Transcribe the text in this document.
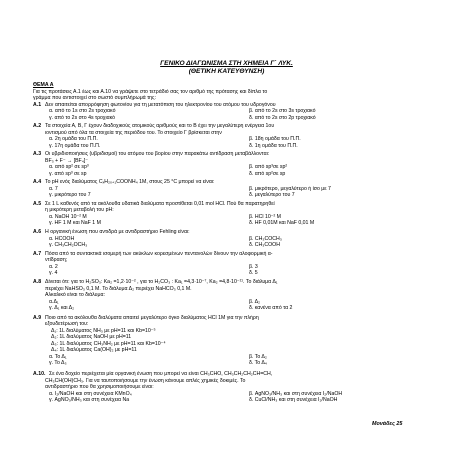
ΓΕΝΙΚΟ ΔΙΑΓΩΝΙΣΜΑ ΣΤΗ ΧΗΜΕΙΑ Γ΄ ΛΥΚ.
(ΘΕΤΙΚΗ ΚΑΤΕΥΘΥΝΣΗ)
ΘΕΜΑ Α
Για τις προτάσεις Α.1 έως και Α.10 να γράψετε στο τετράδιό σας τον αριθμό της πρότασης και δίπλα το
γράμμα που αντιστοιχεί στο σωστό συμπλήρωμά της:
Α.1 Δεν απαιτείται απορρόφηση φωτονίου για τη μετατόπιση του ηλεκτρονίου του ατόμου του υδρογόνου
α. από το 1s στο 2s τροχιακό	β. από το 2s στο 3s τροχιακό
γ. από το 2s στο 4s τροχιακό	δ. από το 2s στο 2p τροχιακό
Α.2 Τα στοιχεία Α, Β, Γ έχουν διαδοχικούς ατομικούς αριθμούς και το Β έχει την μεγαλύτερη ενέργεια 1ου
ιοντισμού από όλα τα στοιχεία της περιόδου του. Το στοιχείο Γ βρίσκεται στην
α. 2η ομάδα του Π.Π.	β. 18η ομάδα του Π.Π.
γ. 17η ομάδα του Π.Π.	δ. 1η ομάδα του Π.Π.
Α.3 Οι υβριδιοποιήσεις (υβριδισμοί) του ατόμου του βορίου στην παρακάτω αντίδραση μεταβάλλονται:
BF₃ + F⁻ → [BF₄]⁻
α. από sp² σε sp³	β. από sp³σε sp²
γ. από sp³ σε sp	δ. από sp²σε sp
Α.4 Το pH ενός διαλύματος CₓH₂ₓ₊₁COONH₄ 1M, στους 25 °C μπορεί να είναι:
α. 7	β. μικρότερο, μεγαλύτερο ή ίσο με 7
γ. μικρότερο του 7	δ. μεγαλύτερο του 7
Α.5 Σε 1 L καθενός από τα ακόλουθα υδατικά διαλύματα προστίθεται 0,01 mol HCl. Πού θα παρατηρηθεί
η μικρότερη μεταβολή του pH:
α. NaOH 10⁻² M	β. HCl 10⁻² M
γ. HF 1 M και NaF 1 M	δ. HF 0,01M και NaF 0,01 M
Α.6 Η οργανική ένωση που αντιδρά με αντιδραστήριο Fehling είναι:
α. HCOOH	β. CH₃COCH₃
γ. CH₃CH₂OCH₃	δ. CH₃COOH
Α.7 Πόσα από τα συντακτικά ισομερή των ακύκλων κορεσμένων πεντανολών δίνουν την αλοφορμική α-
ντίδραση;
α. 2	β. 3
γ. 4	δ. 5
Α.8 Δίνεται ότι: για το H₂SO₃: Ka₂ =1,2·10⁻² , για το H₂CO₃ : Ka₁ =4,3·10⁻⁷, Ka₂ =4,8·10⁻¹¹. Το διάλυμα Δ₁
περιέχει NaHSO₃ 0,1 M. Το διάλυμα Δ₂ περιέχει NaHCO₃ 0,1 M.
Αλκαλικό είναι το διάλυμα:
α.Δ₁	β. Δ₂
γ. Δ₁ και Δ₂	δ. κανένα από τα 2
Α.9 Ποιο από τα ακόλουθα διαλύματα απαιτεί μεγαλύτερο όγκο διαλύματος HCl 1M για την πλήρη
εξουδετέρωσή του:
Δ₁: 1L διαλύματος NH₃ με pH=11 και Kb=10⁻⁵
Δ₂: 1L διαλύματος NaOH με pH=11
Δ₃: 1L διαλύματος CH₃NH₂ με pH=11 και Kb=10⁻⁴
Δ₄: 1L διαλύματος Ca(OH)₂ με pH=11
α. Το Δ₁	β. Το Δ₂
γ. Το Δ₃	δ. Το Δ₄
Α.10. Σε ένα δοχείο περιέχεται μία οργανική ένωση που μπορεί να είναι CH₃CHO, CH₃CH₂CH₂CH=CH,
CH₃CH(OH)CH₃. Για να ταυτοποιήσουμε την ένωση κάνουμε απλές χημικές δοκιμές. Το
αντιδραστήριο που θα χρησιμοποιήσουμε είναι:
α. I₂/NaOH και στη συνέχεια KMnO₄	β. AgNO₃/NH₃ και στη συνέχεια I₂/NaOH
γ. AgNO₃/NH₃ και στη συνέχεια Na	δ. CuCl/NH₃ και στη συνέχεια I₂/NaOH
Μονάδες 25
